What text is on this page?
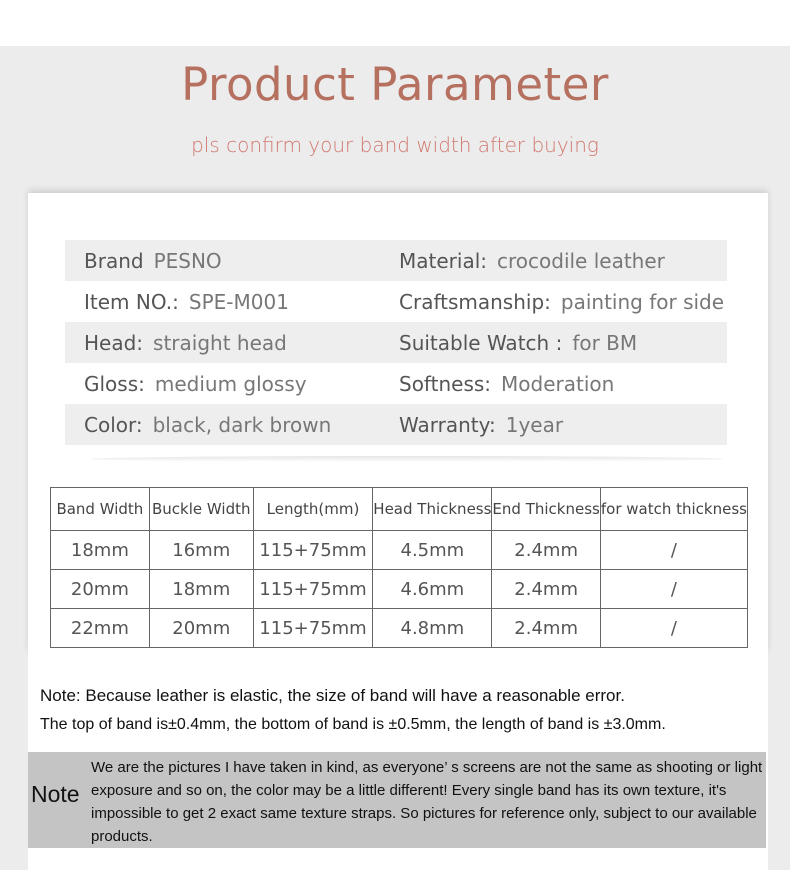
Product Parameter
pls confirm your band width after buying
Brand PESNO	Material: crocodile leather
Item NO.: SPE-M001	Craftsmanship: painting for side
Head: straight head	Suitable Watch : for BM
Gloss: medium glossy	Softness: Moderation
Color: black, dark brown	Warranty: 1year
Band Width	Buckle Width	Length(mm)	Head Thickness	End Thickness	for watch thickness
18mm	16mm	115+75mm	4.5mm	2.4mm	/
20mm	18mm	115+75mm	4.6mm	2.4mm	/
22mm	20mm	115+75mm	4.8mm	2.4mm	/
Note: Because leather is elastic, the size of band will have a reasonable error.
The top of band is±0.4mm, the bottom of band is ±0.5mm, the length of band is ±3.0mm.
Note
We are the pictures I have taken in kind, as everyone’ s screens are not the same as shooting or light exposure and so on, the color may be a little different! Every single band has its own texture, it's impossible to get 2 exact same texture straps. So pictures for reference only, subject to our available products.
